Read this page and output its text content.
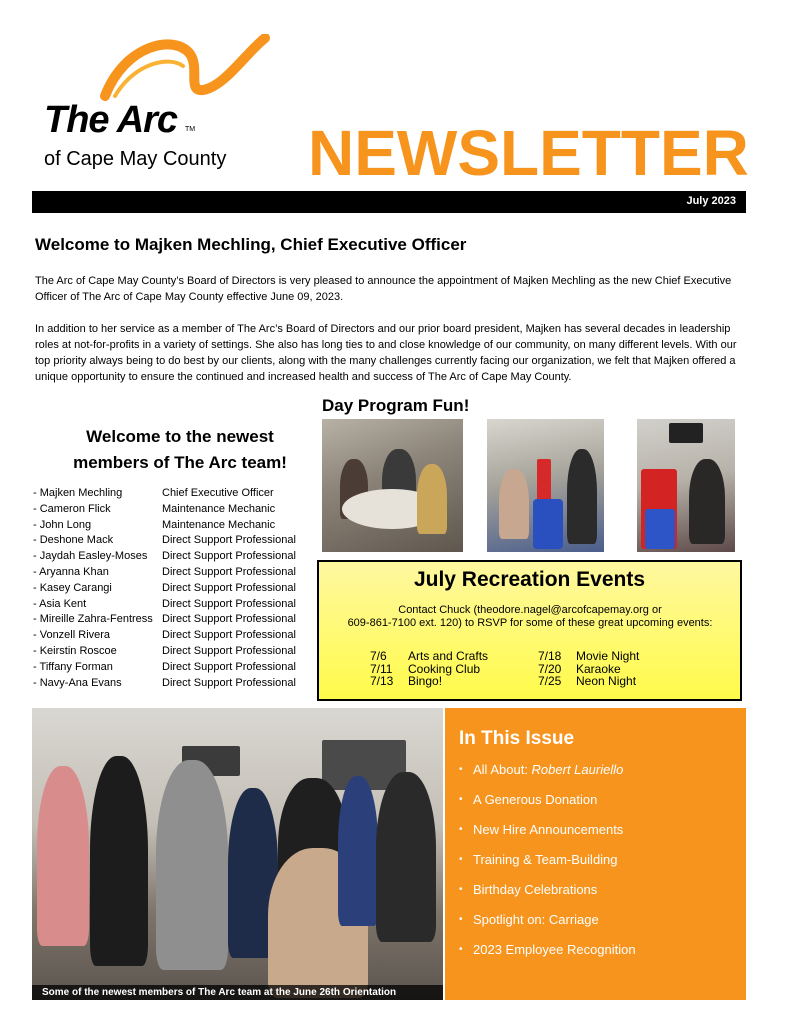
The Arc TM
of Cape May County NEWSLETTER
July 2023
Welcome to Majken Mechling, Chief Executive Officer
The Arc of Cape May County’s Board of Directors is very pleased to announce the appointment of Majken Mechling as the new Chief Executive Officer of The Arc of Cape May County effective June 09, 2023.
In addition to her service as a member of The Arc’s Board of Directors and our prior board president, Majken has several decades in leadership roles at not-for-profits in a variety of settings. She also has long ties to and close knowledge of our community, on many different levels. With our top priority always being to do best by our clients, along with the many challenges currently facing our organization, we felt that Majken offered a unique opportunity to ensure the continued and increased health and success of The Arc of Cape May County.
Day Program Fun!
Welcome to the newest
members of The Arc team!
- Majken Mechling	Chief Executive Officer
- Cameron Flick	Maintenance Mechanic
- John Long	Maintenance Mechanic
- Deshone Mack	Direct Support Professional
- Jaydah Easley-Moses	Direct Support Professional
- Aryanna Khan	Direct Support Professional
- Kasey Carangi	Direct Support Professional
- Asia Kent	Direct Support Professional
- Mireille Zahra-Fentress Direct Support Professional
- Vonzell Rivera	Direct Support Professional
- Keirstin Roscoe	Direct Support Professional
- Tiffany Forman	Direct Support Professional
- Navy-Ana Evans	Direct Support Professional
July Recreation Events
Contact Chuck (theodore.nagel@arcofcapemay.org or
609-861-7100 ext. 120) to RSVP for some of these great upcoming events:
7/6	Arts and Crafts
7/11	Cooking Club
7/13	Bingo!
7/18	Movie Night
7/20	Karaoke
7/25	Neon Night
Some of the newest members of The Arc team at the June 26th Orientation
In This Issue
• All About: Robert Lauriello
• A Generous Donation
• New Hire Announcements
• Training & Team-Building
• Birthday Celebrations
• Spotlight on: Carriage
• 2023 Employee Recognition
